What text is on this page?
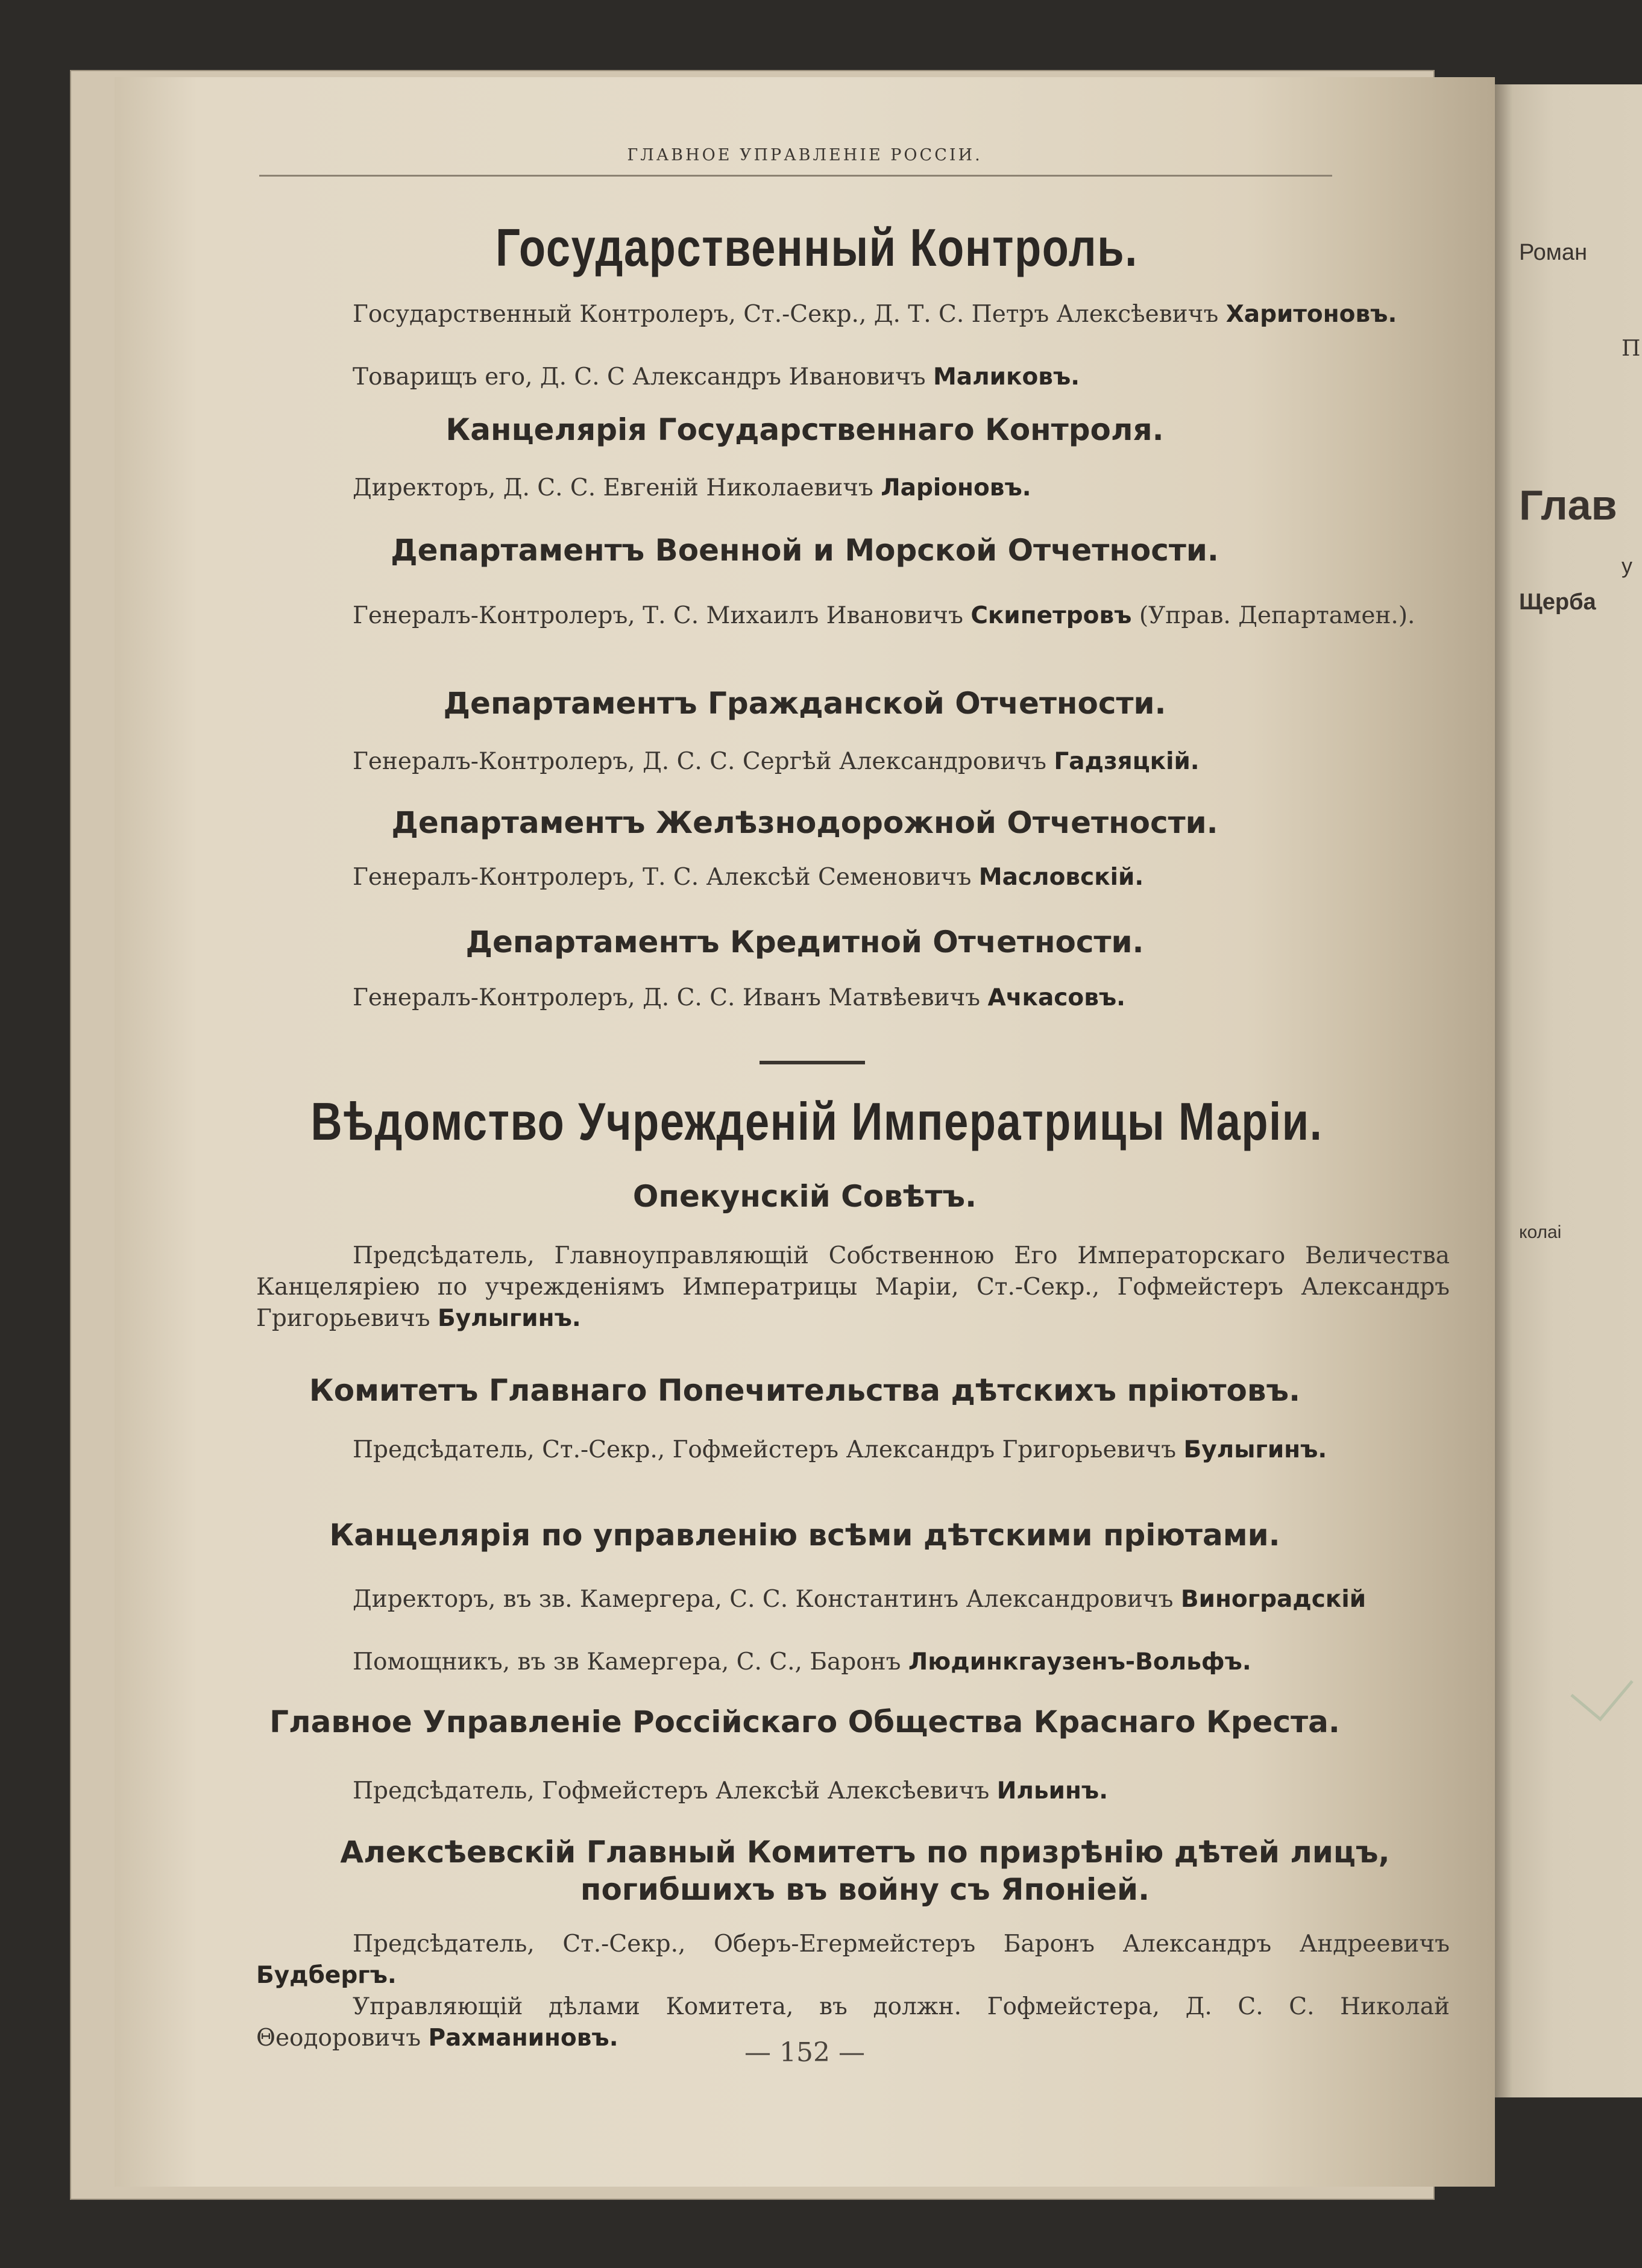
Роман
П
Глав
у
Щерба
колаі
ГЛАВНОЕ УПРАВЛЕНІЕ РОССІИ.
Государственный Контроль.
Государственный Контролеръ, Ст.-Секр., Д. Т. С. Петръ Алексѣевичъ Харитоновъ.
Товарищъ его, Д. С. С Александръ Ивановичъ Маликовъ.
Канцелярія Государственнаго Контроля.
Директоръ, Д. С. С. Евгеній Николаевичъ Ларіоновъ.
Департаментъ Военной и Морской Отчетности.
Генералъ-Контролеръ, Т. С. Михаилъ Ивановичъ Скипетровъ (Управ. Департамен.).
Департаментъ Гражданской Отчетности.
Генералъ-Контролеръ, Д. С. С. Сергѣй Александровичъ Гадзяцкій.
Департаментъ Желѣзнодорожной Отчетности.
Генералъ-Контролеръ, Т. С. Алексѣй Семеновичъ Масловскій.
Департаментъ Кредитной Отчетности.
Генералъ-Контролеръ, Д. С. С. Иванъ Матвѣевичъ Ачкасовъ.
Вѣдомство Учрежденій Императрицы Маріи.
Опекунскій Совѣтъ.
Предсѣдатель, Главноуправляющій Собственною Его Императорскаго Величества Канцеляріею по учрежденіямъ Императрицы Маріи, Ст.-Секр., Гофмейстеръ Александръ Григорьевичъ Булыгинъ.
Комитетъ Главнаго Попечительства дѣтскихъ пріютовъ.
Предсѣдатель, Ст.-Секр., Гофмейстеръ Александръ Григорьевичъ Булыгинъ.
Канцелярія по управленію всѣми дѣтскими пріютами.
Директоръ, въ зв. Камергера, С. С. Константинъ Александровичъ Виноградскій
Помощникъ, въ зв Камергера, С. С., Баронъ Людинкгаузенъ-Вольфъ.
Главное Управленіе Россійскаго Общества Краснаго Креста.
Предсѣдатель, Гофмейстеръ Алексѣй Алексѣевичъ Ильинъ.
Алексѣевскій Главный Комитетъ по призрѣнію дѣтей лицъ, погибшихъ въ войну съ Японіей.
Предсѣдатель, Ст.-Секр., Оберъ-Егермейстеръ Баронъ Александръ Андреевичъ Будбергъ.
Управляющій дѣлами Комитета, въ должн. Гофмейстера, Д. С. С. Николай Θеодоровичъ Рахманиновъ.	— 152 —
